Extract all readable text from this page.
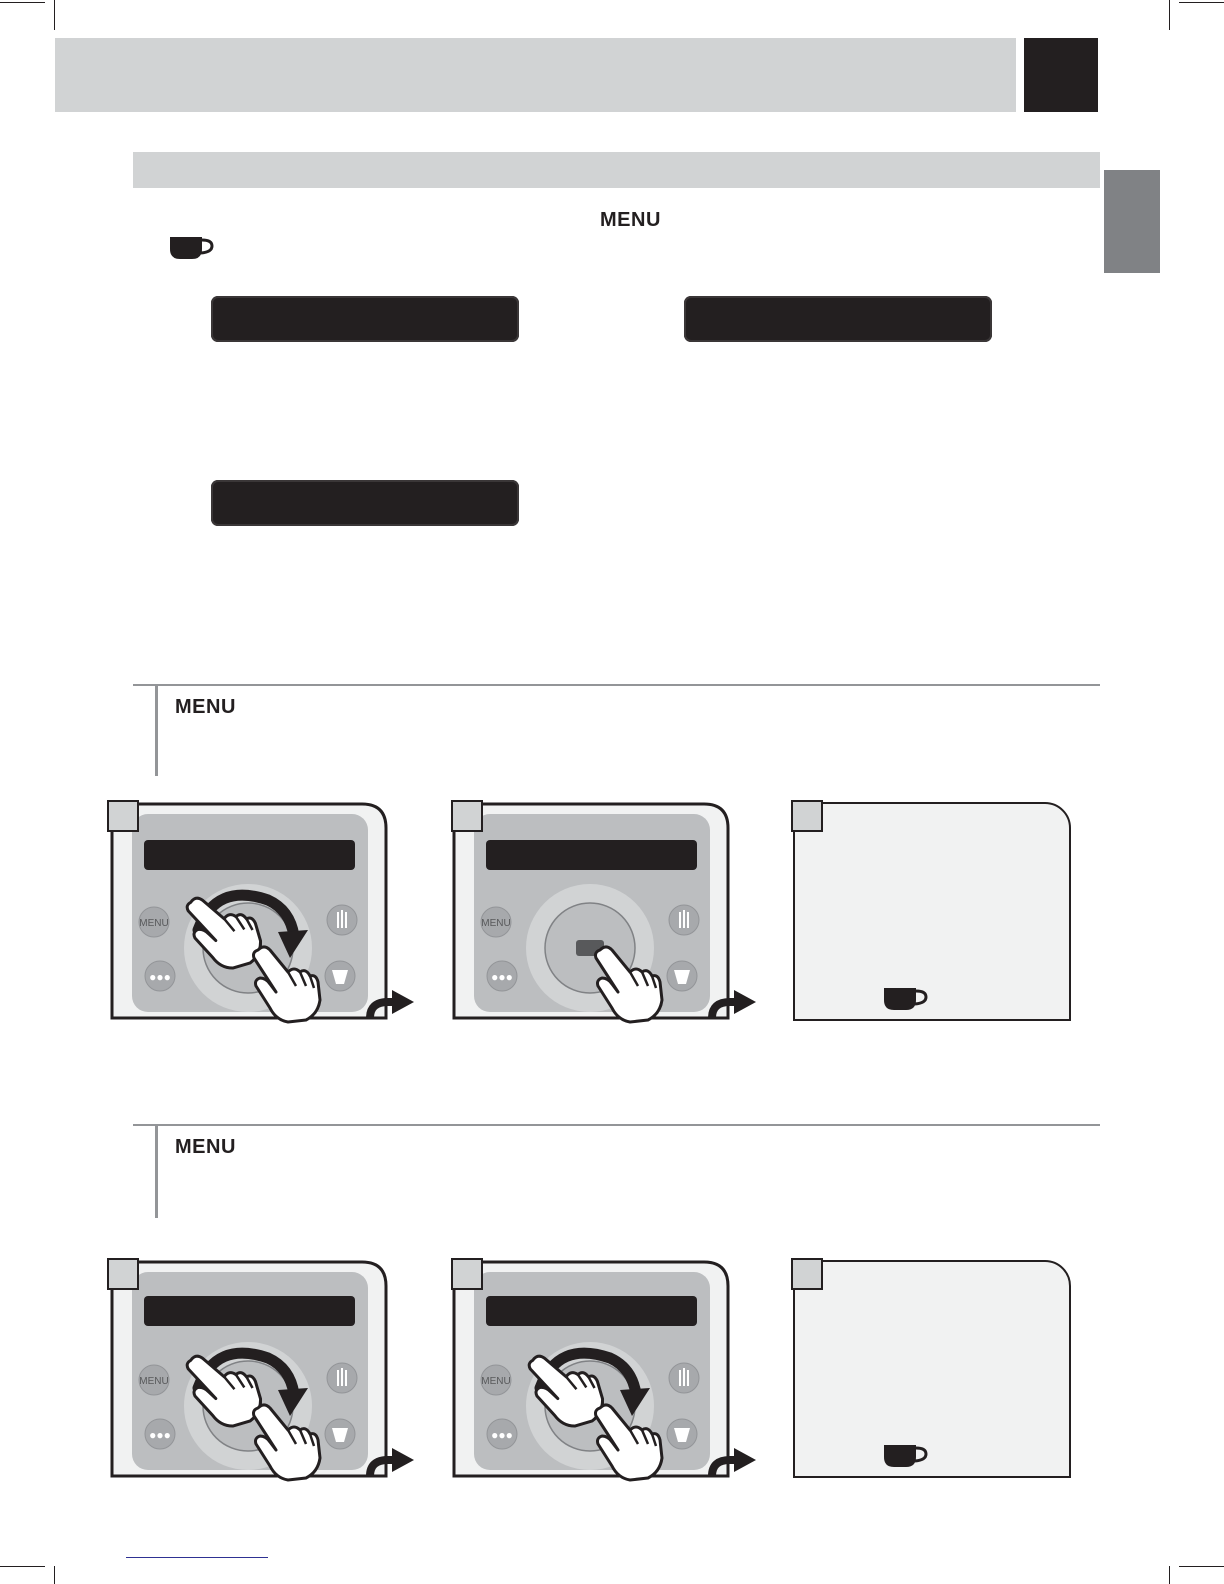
MENU
MENU
MENU
MENU
●●●
MENU
●●●
MENU
●●●
MENU
●●●
